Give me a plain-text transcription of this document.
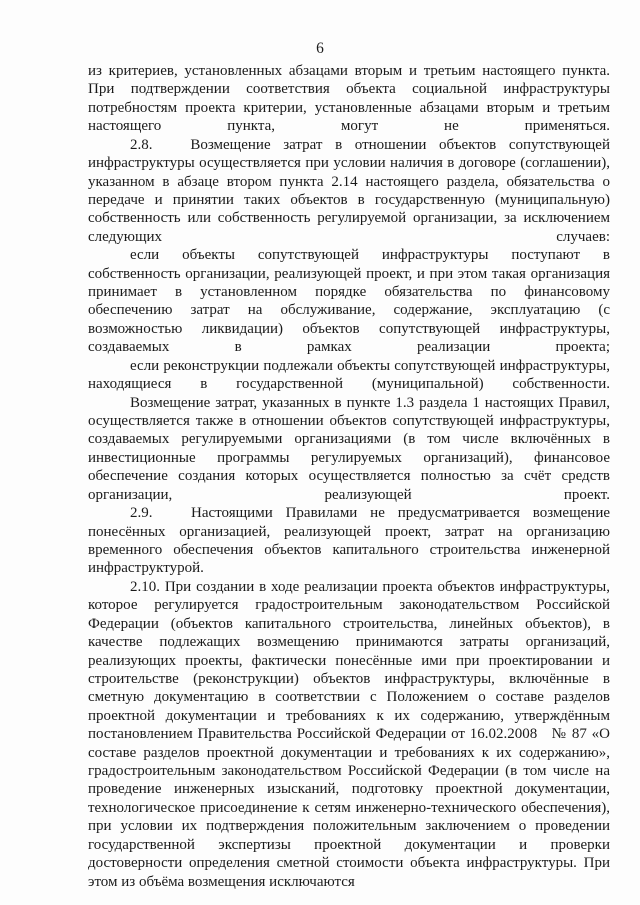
6

из критериев, установленных абзацами вторым и третьим настоящего пункта. При подтверждении соответствия объекта социальной инфраструктуры потребностям проекта критерии, установленные абзацами вторым и третьим настоящего пункта, могут не применяться.

2.8.   Возмещение затрат в отношении объектов сопутствующей инфраструктуры осуществляется при условии наличия в договоре (соглашении), указанном в абзаце втором пункта 2.14 настоящего раздела, обязательства о передаче и принятии таких объектов в государственную (муниципальную) собственность или собственность регулируемой организации, за исключением следующих случаев:

если объекты сопутствующей инфраструктуры поступают в собственность организации, реализующей проект, и при этом такая организация принимает в установленном порядке обязательства по финансовому обеспечению затрат на обслуживание, содержание, эксплуатацию (с возможностью ликвидации) объектов сопутствующей инфраструктуры, создаваемых в рамках реализации проекта;

если реконструкции подлежали объекты сопутствующей инфраструктуры, находящиеся в государственной (муниципальной) собственности.

Возмещение затрат, указанных в пункте 1.3 раздела 1 настоящих Правил, осуществляется также в отношении объектов сопутствующей инфраструктуры, создаваемых регулируемыми организациями (в том числе включённых в инвестиционные программы регулируемых организаций), финансовое обеспечение создания которых осуществляется полностью за счёт средств организации, реализующей проект.

2.9.   Настоящими Правилами не предусматривается возмещение понесённых организацией, реализующей проект, затрат на организацию временного обеспечения объектов капитального строительства инженерной инфраструктурой.

2.10. При создании в ходе реализации проекта объектов инфраструктуры, которое регулируется градостроительным законодательством Российской Федерации (объектов капитального строительства, линейных объектов), в качестве подлежащих возмещению принимаются затраты организаций, реализующих проекты, фактически понесённые ими при проектировании и строительстве (реконструкции) объектов инфраструктуры, включённые в сметную документацию в соответствии с Положением о составе разделов проектной документации и требованиях к их содержанию, утверждённым постановлением Правительства Российской Федерации от 16.02.2008   № 87 «О составе разделов проектной документации и требованиях к их содержанию», градостроительным законодательством Российской Федерации (в том числе на проведение инженерных изысканий, подготовку проектной документации, технологическое присоединение к сетям инженерно-технического обеспечения), при условии их подтверждения положительным заключением о проведении государственной экспертизы проектной документации и проверки достоверности определения сметной стоимости объекта инфраструктуры. При этом из объёма возмещения исключаются
